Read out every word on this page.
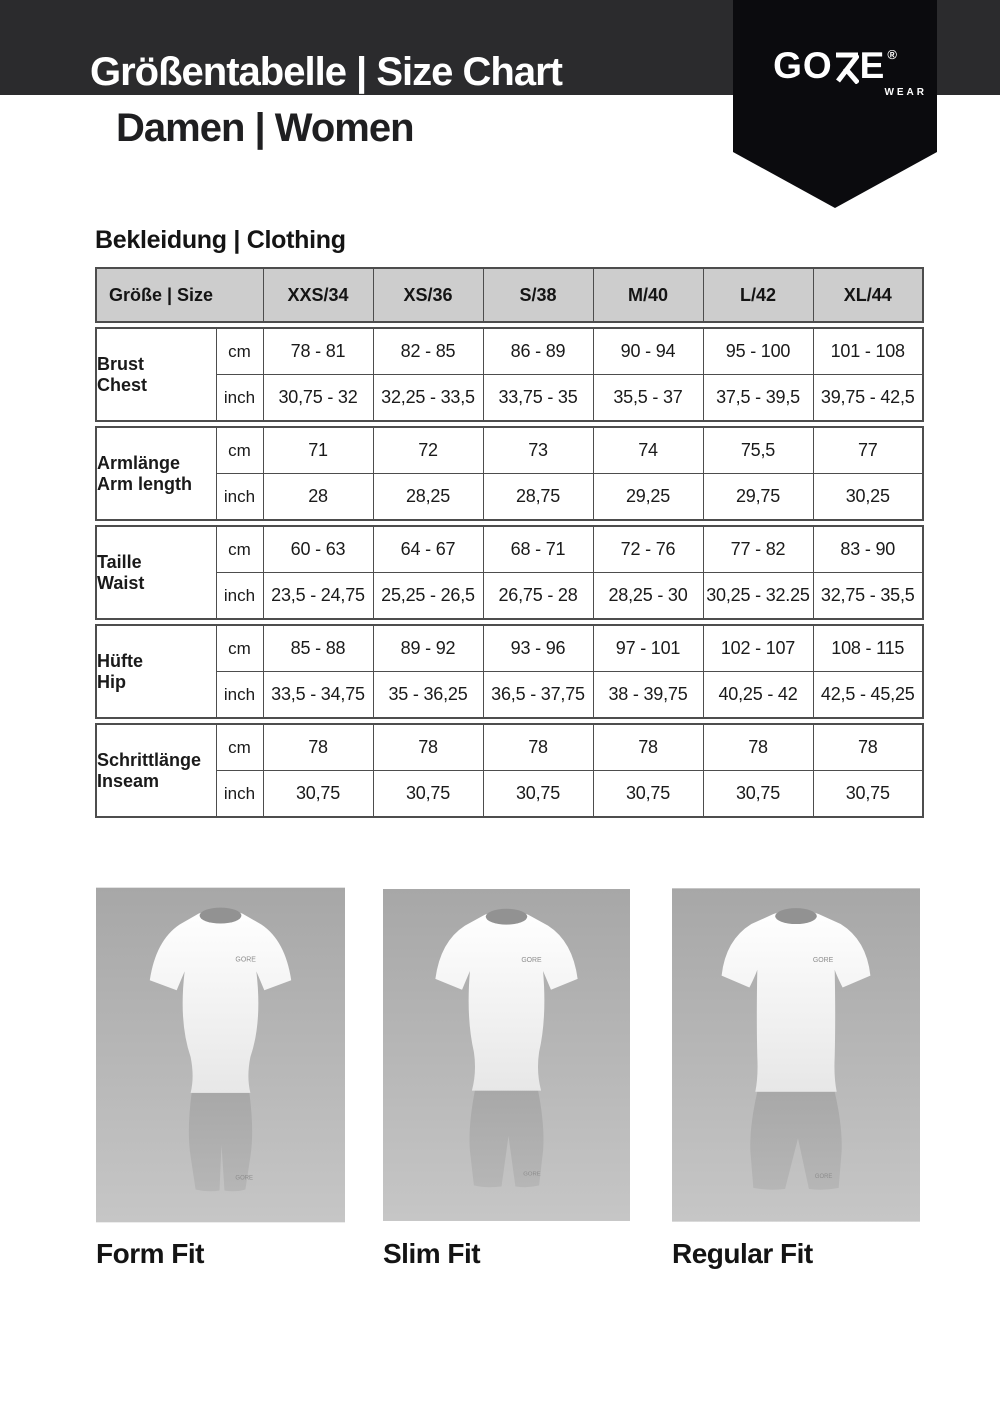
Größentabelle | Size Chart
Damen | Women
GO E ®
WEAR
Bekleidung | Clothing
Größe | Size	XXS/34	XS/36	S/38	M/40	L/42	XL/44
Brust
Chest	cm	78 - 81	82 - 85	86 - 89	90 - 94	95 - 100	101 - 108
	inch	30,75 - 32	32,25 - 33,5	33,75 - 35	35,5 - 37	37,5 - 39,5	39,75 - 42,5
Armlänge
Arm length	cm	71	72	73	74	75,5	77
	inch	28	28,25	28,75	29,25	29,75	30,25
Taille
Waist	cm	60 - 63	64 - 67	68 - 71	72 - 76	77 - 82	83 - 90
	inch	23,5 - 24,75	25,25 - 26,5	26,75 - 28	28,25 - 30	30,25 - 32.25	32,75 - 35,5
Hüfte
Hip	cm	85 - 88	89 - 92	93 - 96	97 - 101	102 - 107	108 - 115
	inch	33,5 - 34,75	35 - 36,25	36,5 - 37,75	38 - 39,75	40,25 - 42	42,5 - 45,25
Schrittlänge
Inseam	cm	78	78	78	78	78	78
	inch	30,75	30,75	30,75	30,75	30,75	30,75
GORE
GORE
GORE
GORE
GORE
GORE

Form Fit	Slim Fit	Regular Fit
